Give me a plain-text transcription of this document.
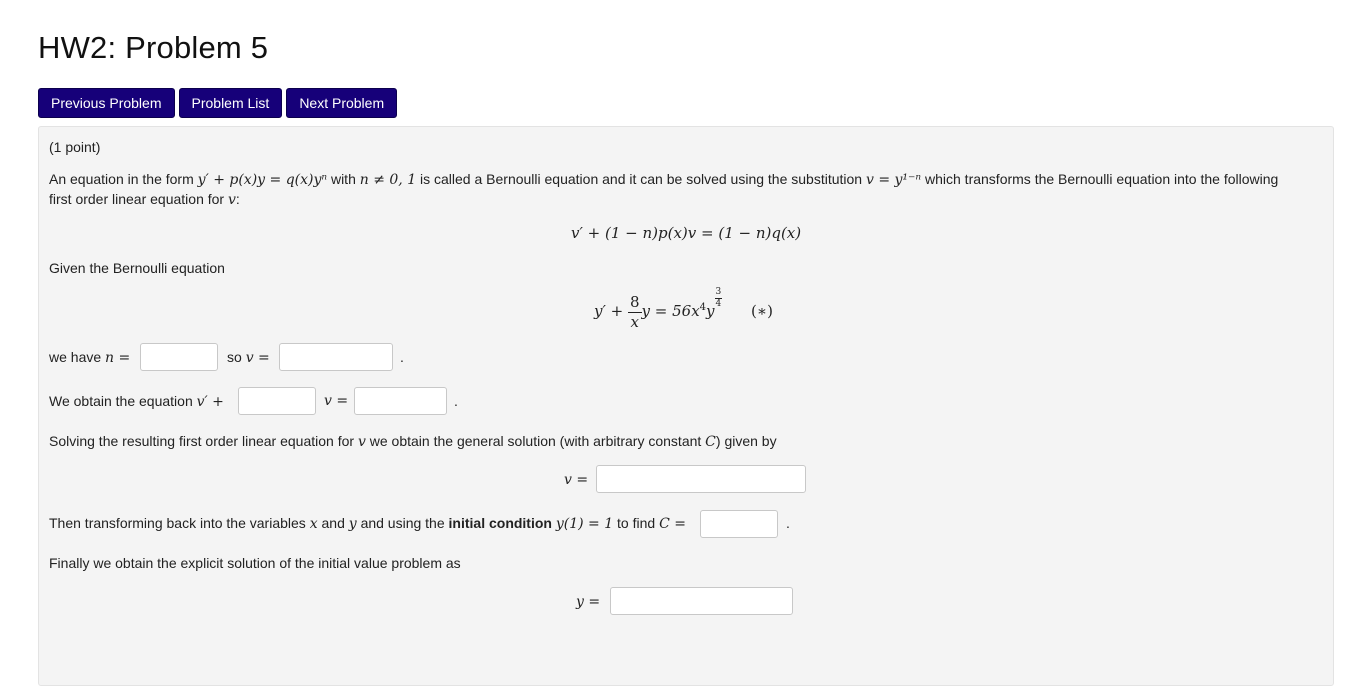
HW2: Problem 5
Previous Problem	Problem List	Next Problem
(1 point)
An equation in the form y′ + p(x)y = q(x)yⁿ with n ≠ 0, 1 is called a Bernoulli equation and it can be solved using the substitution v = y¹⁻ⁿ which transforms the Bernoulli equation into the following
first order linear equation for v:
v′ + (1 − n)p(x)v = (1 − n)q(x)
Given the Bernoulli equation
$y' + \frac{8}{x}$ $y = 56x^4y$
$\frac{3}{4}$
(∗)
we have n =	so v =	.
We obtain the equation v′ +	v =	.
Solving the resulting first order linear equation for v we obtain the general solution (with arbitrary constant C) given by
v =
Then transforming back into the variables x and y and using the initial condition y(1) = 1 to find C =	.
Finally we obtain the explicit solution of the initial value problem as
y =
